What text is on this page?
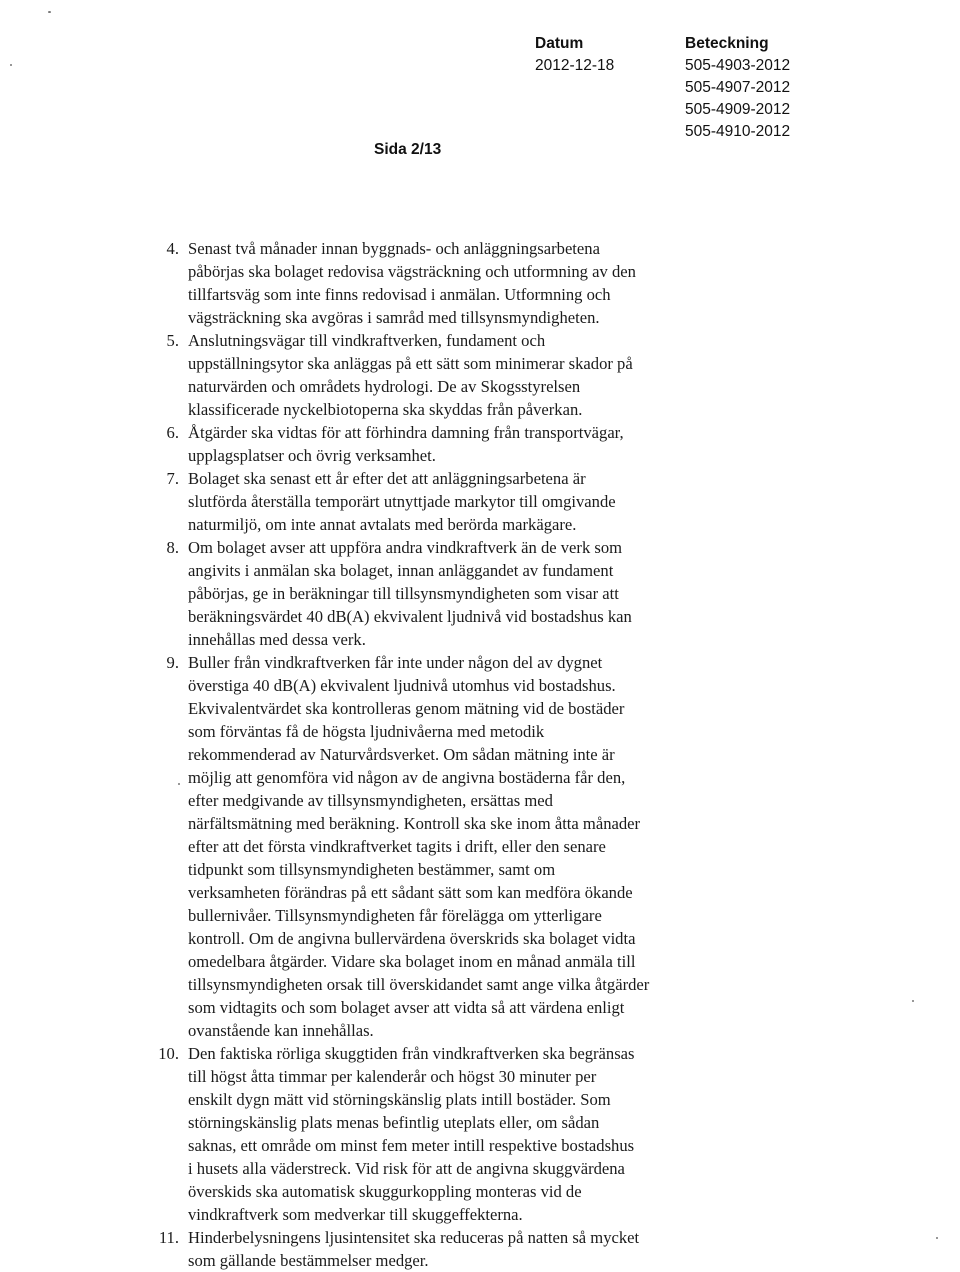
Datum
2012-12-18
Beteckning
505-4903-2012
505-4907-2012
505-4909-2012
505-4910-2012
Sida 2/13
4. Senast två månader innan byggnads- och anläggningsarbetena
påbörjas ska bolaget redovisa vägsträckning och utformning av den
tillfartsväg som inte finns redovisad i anmälan. Utformning och
vägsträckning ska avgöras i samråd med tillsynsmyndigheten.
5. Anslutningsvägar till vindkraftverken, fundament och
uppställningsytor ska anläggas på ett sätt som minimerar skador på
naturvärden och områdets hydrologi. De av Skogsstyrelsen
klassificerade nyckelbiotoperna ska skyddas från påverkan.
6. Åtgärder ska vidtas för att förhindra damning från transportvägar,
upplagsplatser och övrig verksamhet.
7. Bolaget ska senast ett år efter det att anläggningsarbetena är
slutförda återställa temporärt utnyttjade markytor till omgivande
naturmiljö, om inte annat avtalats med berörda markägare.
8. Om bolaget avser att uppföra andra vindkraftverk än de verk som
angivits i anmälan ska bolaget, innan anläggandet av fundament
påbörjas, ge in beräkningar till tillsynsmyndigheten som visar att
beräkningsvärdet 40 dB(A) ekvivalent ljudnivå vid bostadshus kan
innehållas med dessa verk.
9. Buller från vindkraftverken får inte under någon del av dygnet
överstiga 40 dB(A) ekvivalent ljudnivå utomhus vid bostadshus.
Ekvivalentvärdet ska kontrolleras genom mätning vid de bostäder
som förväntas få de högsta ljudnivåerna med metodik
rekommenderad av Naturvårdsverket. Om sådan mätning inte är
möjlig att genomföra vid någon av de angivna bostäderna får den,
efter medgivande av tillsynsmyndigheten, ersättas med
närfältsmätning med beräkning. Kontroll ska ske inom åtta månader
efter att det första vindkraftverket tagits i drift, eller den senare
tidpunkt som tillsynsmyndigheten bestämmer, samt om
verksamheten förändras på ett sådant sätt som kan medföra ökande
bullernivåer. Tillsynsmyndigheten får förelägga om ytterligare
kontroll. Om de angivna bullervärdena överskrids ska bolaget vidta
omedelbara åtgärder. Vidare ska bolaget inom en månad anmäla till
tillsynsmyndigheten orsak till överskidandet samt ange vilka åtgärder
som vidtagits och som bolaget avser att vidta så att värdena enligt
ovanstående kan innehållas.
10. Den faktiska rörliga skuggtiden från vindkraftverken ska begränsas
till högst åtta timmar per kalenderår och högst 30 minuter per
enskilt dygn mätt vid störningskänslig plats intill bostäder. Som
störningskänslig plats menas befintlig uteplats eller, om sådan
saknas, ett område om minst fem meter intill respektive bostadshus
i husets alla väderstreck. Vid risk för att de angivna skuggvärdena
överskids ska automatisk skuggurkoppling monteras vid de
vindkraftverk som medverkar till skuggeffekterna.
11. Hinderbelysningens ljusintensitet ska reduceras på natten så mycket
som gällande bestämmelser medger.
